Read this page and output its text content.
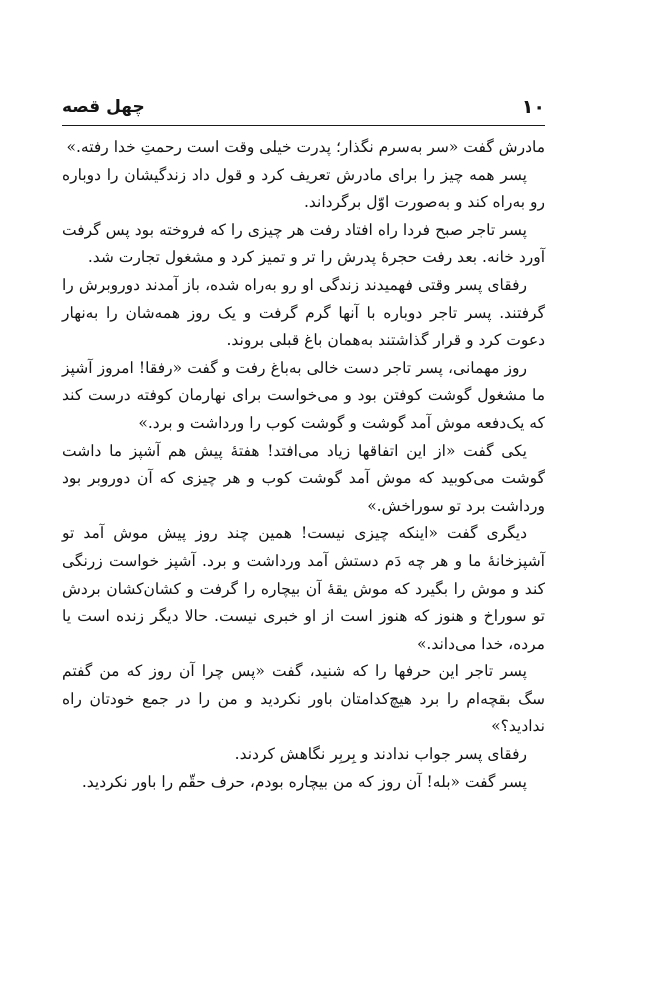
۱۰
چهل قصه

مادرش گفت «سر به‌سرم نگذار؛ پدرت خیلی وقت است رحمتِ خدا رفته.»

پسر همه چیز را برای مادرش تعریف کرد و قول داد زندگیشان را دوباره رو به‌راه کند و به‌صورت اوّل برگرداند.

پسر تاجر صبح فردا راه افتاد رفت هر چیزی را که فروخته بود پس گرفت آورد خانه. بعد رفت حجرهٔ پدرش را تر و تمیز کرد و مشغول تجارت شد.

رفقای پسر وقتی فهمیدند زندگی او رو به‌راه شده، باز آمدند دوروبرش را گرفتند. پسر تاجر دوباره با آنها گرم گرفت و یک روز همه‌شان را به‌نهار دعوت کرد و قرار گذاشتند به‌همان باغ قبلی بروند.

روز مهمانی، پسر تاجر دست خالی به‌باغ رفت و گفت «رفقا! امروز آشپز ما مشغول گوشت کوفتن بود و می‌خواست برای نهارمان کوفته درست کند که یک‌دفعه موش آمد گوشت و گوشت کوب را ورداشت و برد.»

یکی گفت «از این اتفاقها زیاد می‌افتد! هفتهٔ پیش هم آشپز ما داشت گوشت می‌کوبید که موش آمد گوشت کوب و هر چیزی که آن دوروبر بود ورداشت برد تو سوراخش.»

دیگری گفت «اینکه چیزی نیست! همین چند روز پیش موش آمد تو آشپزخانهٔ ما و هر چه دَم دستش آمد ورداشت و برد. آشپز خواست زرنگی کند و موش را بگیرد که موش یقهٔ آن بیچاره را گرفت و کشان‌کشان بردش تو سوراخ و هنوز که هنوز است از او خبری نیست. حالا دیگر زنده است یا مرده، خدا می‌داند.»

پسر تاجر این حرفها را که شنید، گفت «پس چرا آن روز که من گفتم سگ بقچه‌ام را برد هیچ‌کدامتان باور نکردید و من را در جمع خودتان راه ندادید؟»

رفقای پسر جواب ندادند و بِربِر نگاهش کردند.

پسر گفت «بله! آن روز که من بیچاره بودم، حرف حقّم را باور نکردید.
